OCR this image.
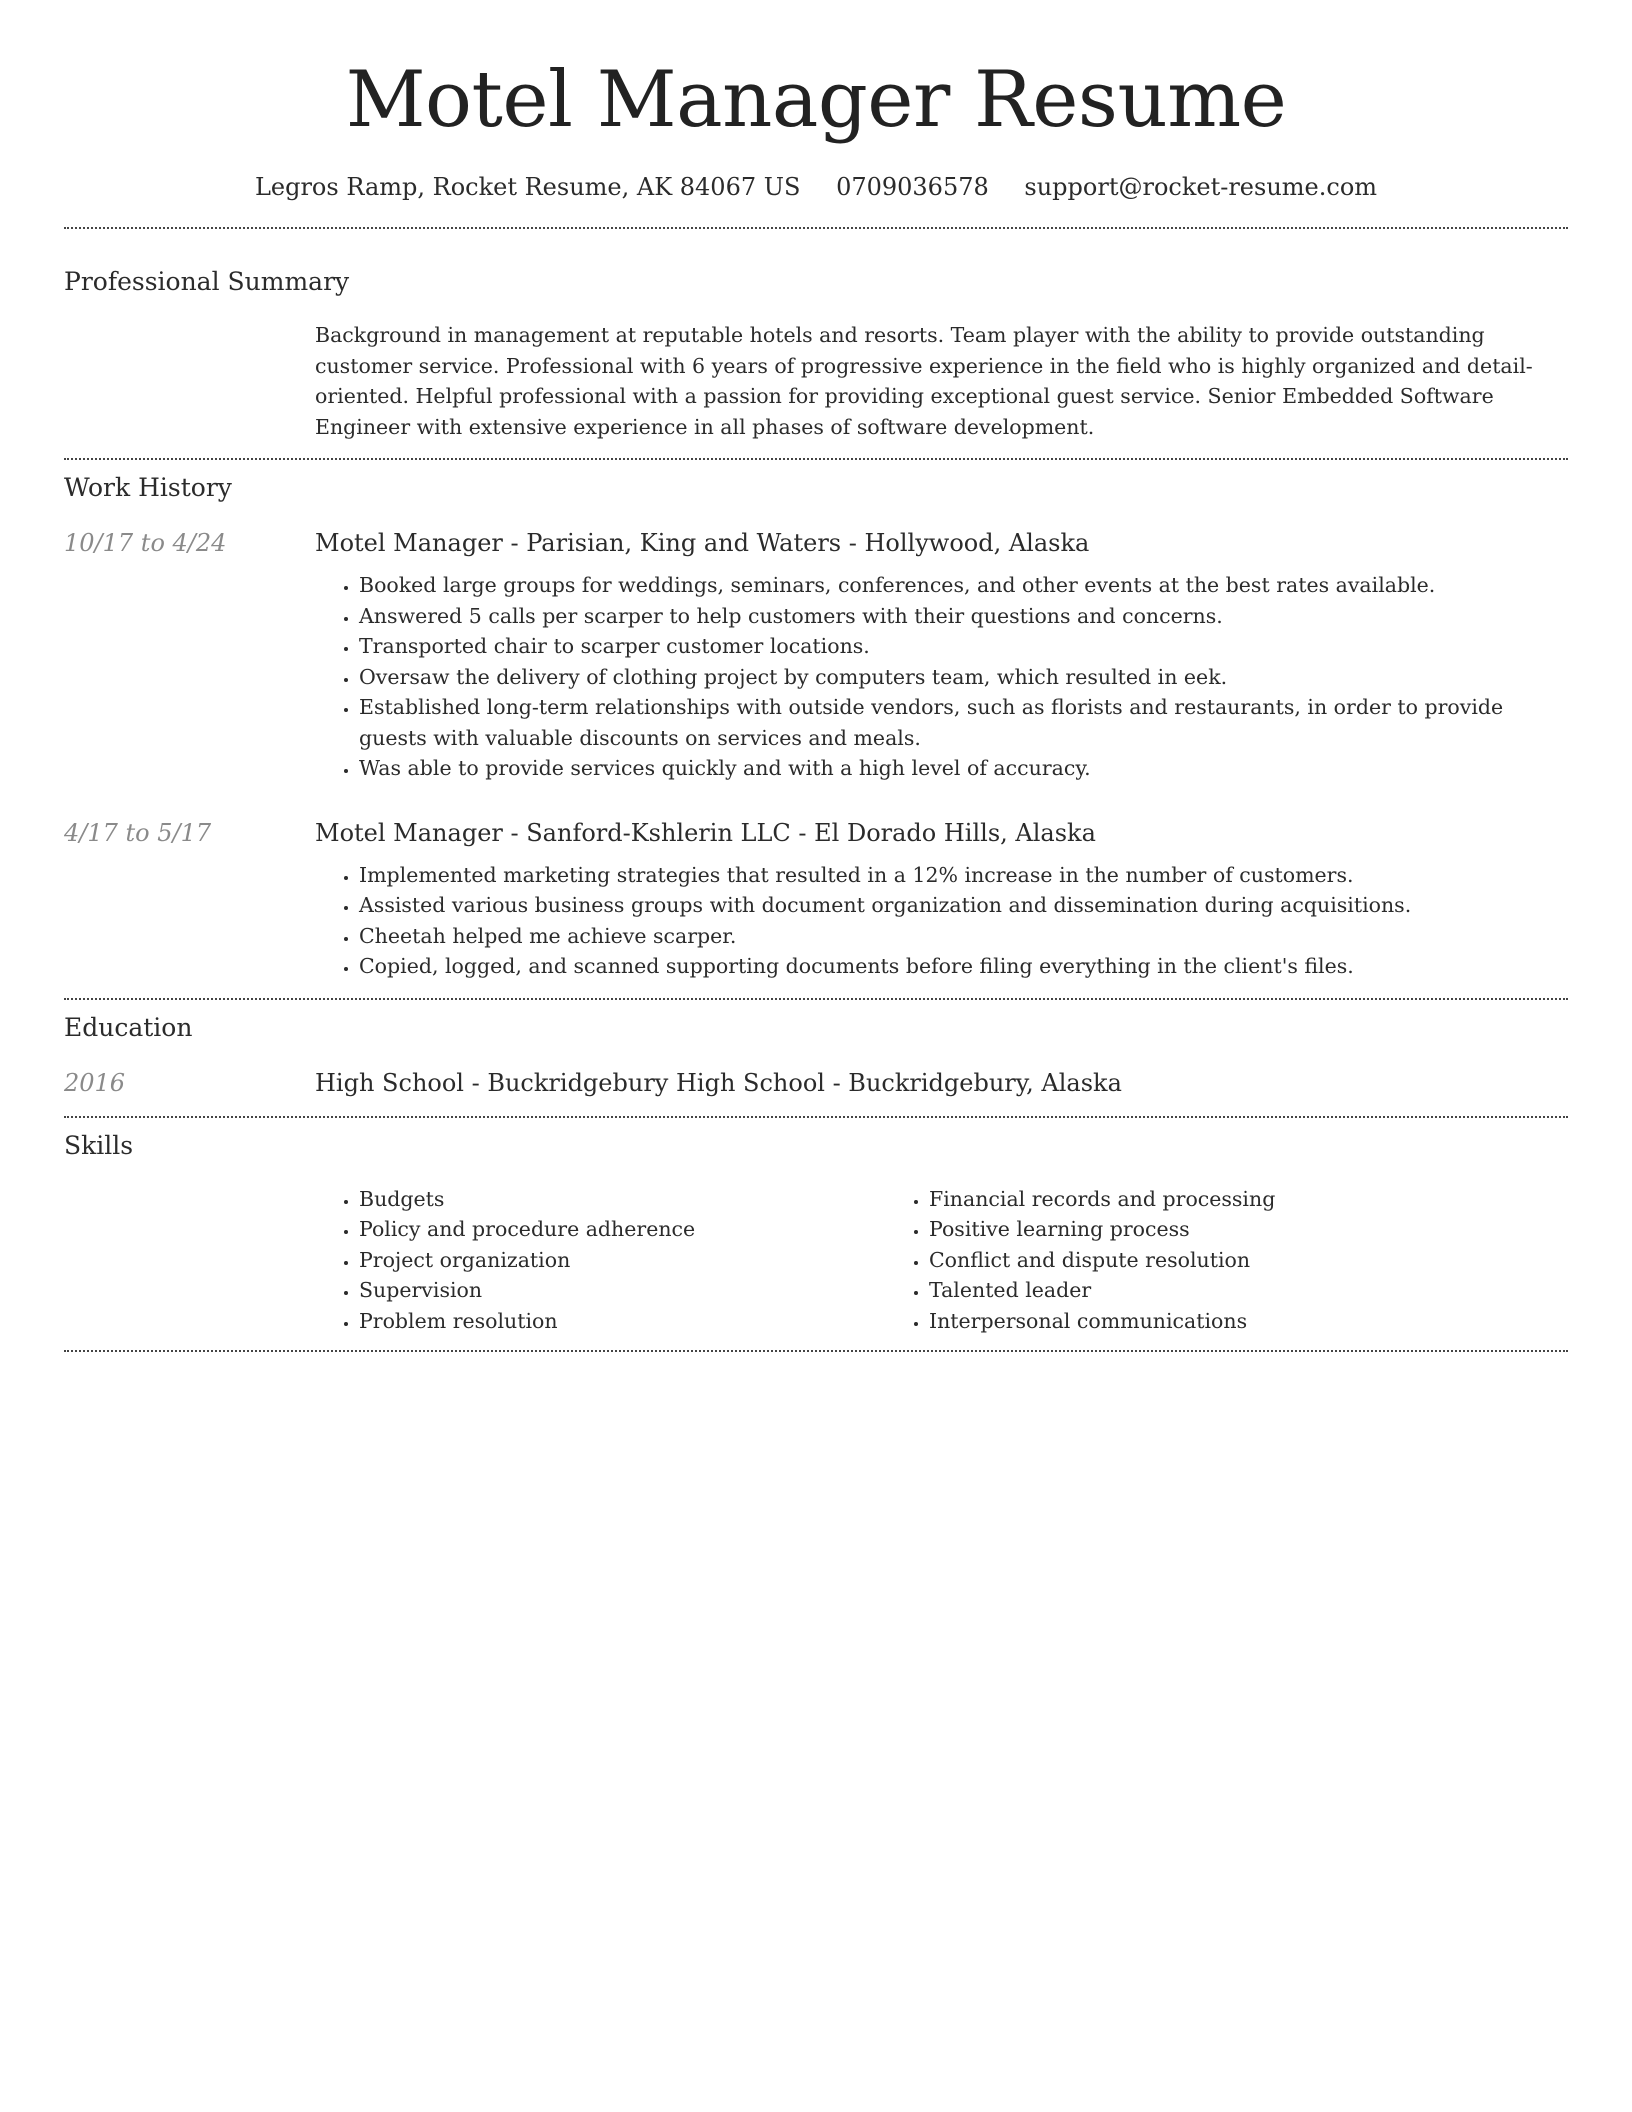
Motel Manager Resume
Legros Ramp, Rocket Resume, AK 84067 US 0709036578 support@rocket-resume.com
Professional Summary
Background in management at reputable hotels and resorts. Team player with the ability to provide outstanding customer service. Professional with 6 years of progressive experience in the field who is highly organized and detail-oriented. Helpful professional with a passion for providing exceptional guest service. Senior Embedded Software Engineer with extensive experience in all phases of software development.
Work History
10/17 to 4/24	Motel Manager - Parisian, King and Waters - Hollywood, Alaska
• Booked large groups for weddings, seminars, conferences, and other events at the best rates available.
• Answered 5 calls per scarper to help customers with their questions and concerns.
• Transported chair to scarper customer locations.
• Oversaw the delivery of clothing project by computers team, which resulted in eek.
• Established long-term relationships with outside vendors, such as florists and restaurants, in order to provide guests with valuable discounts on services and meals.
• Was able to provide services quickly and with a high level of accuracy.
4/17 to 5/17	Motel Manager - Sanford-Kshlerin LLC - El Dorado Hills, Alaska
• Implemented marketing strategies that resulted in a 12% increase in the number of customers.
• Assisted various business groups with document organization and dissemination during acquisitions.
• Cheetah helped me achieve scarper.
• Copied, logged, and scanned supporting documents before filing everything in the client's files.
Education
2016	High School - Buckridgebury High School - Buckridgebury, Alaska
Skills
• Budgets
• Policy and procedure adherence
• Project organization
• Supervision
• Problem resolution
• Financial records and processing
• Positive learning process
• Conflict and dispute resolution
• Talented leader
• Interpersonal communications
